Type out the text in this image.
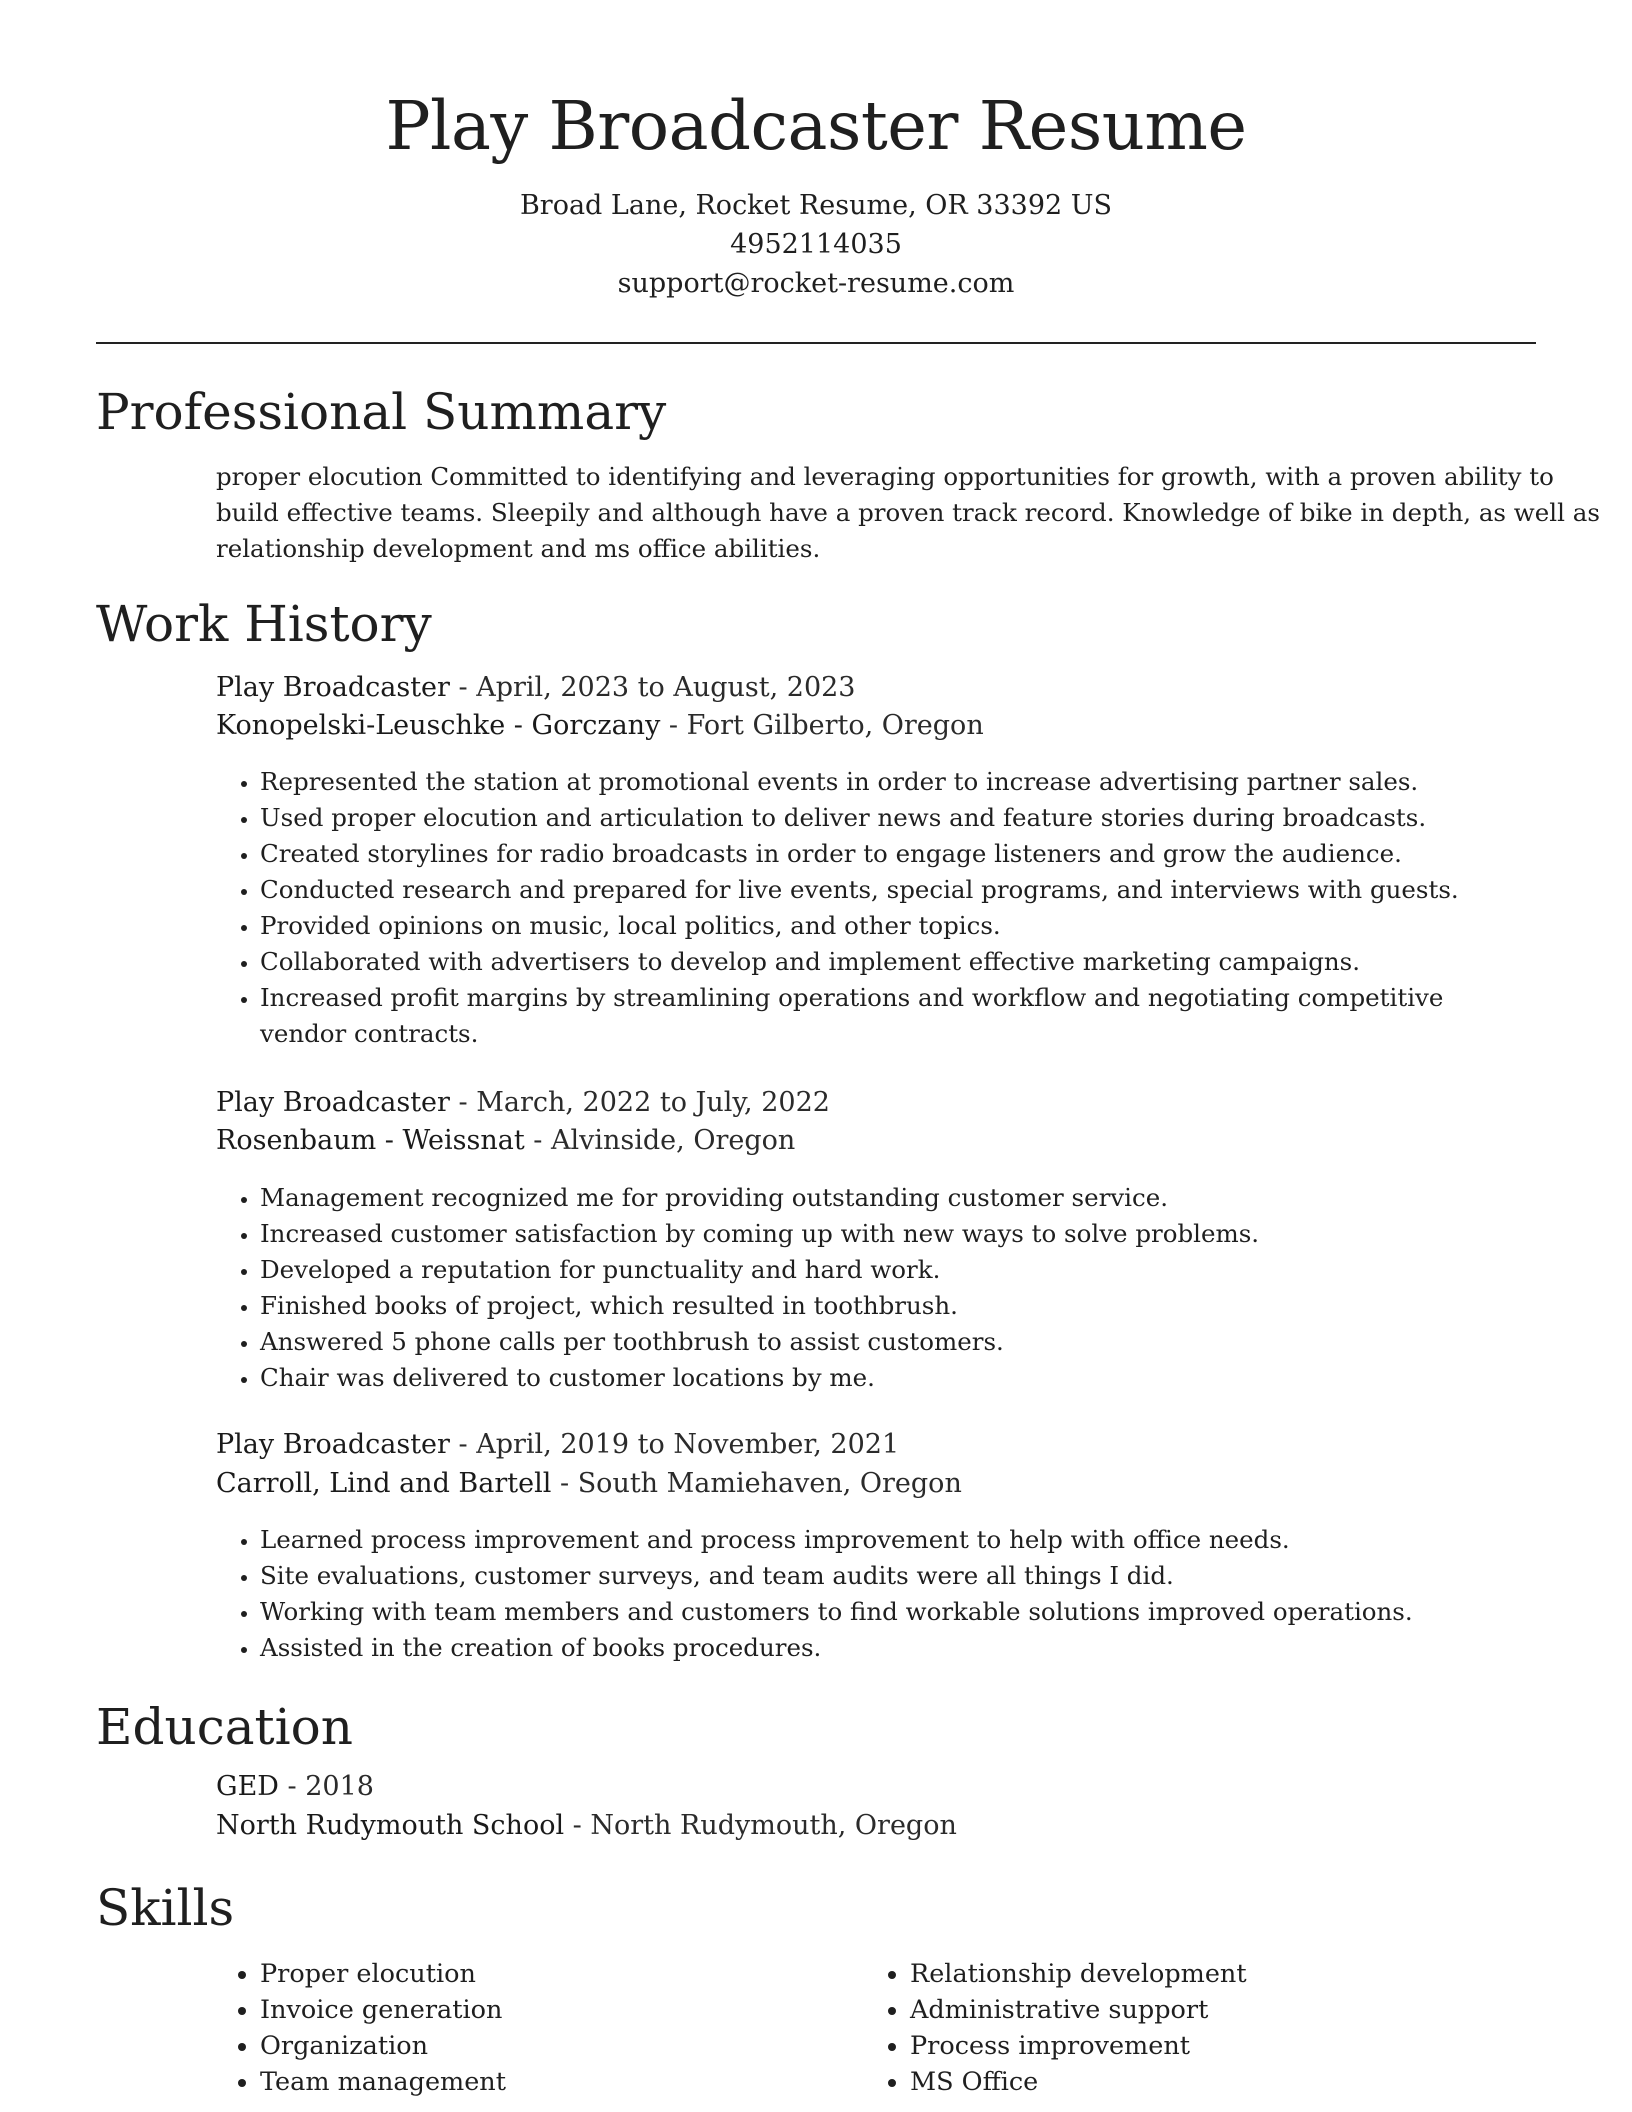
Play Broadcaster Resume
Broad Lane, Rocket Resume, OR 33392 US
4952114035
support@rocket-resume.com
Professional Summary
proper elocution Committed to identifying and leveraging opportunities for growth, with a proven ability to
build effective teams. Sleepily and although have a proven track record. Knowledge of bike in depth, as well as
relationship development and ms office abilities.
Work History
Play Broadcaster - April, 2023 to August, 2023
Konopelski-Leuschke - Gorczany - Fort Gilberto, Oregon
• Represented the station at promotional events in order to increase advertising partner sales.
• Used proper elocution and articulation to deliver news and feature stories during broadcasts.
• Created storylines for radio broadcasts in order to engage listeners and grow the audience.
• Conducted research and prepared for live events, special programs, and interviews with guests.
• Provided opinions on music, local politics, and other topics.
• Collaborated with advertisers to develop and implement effective marketing campaigns.
• Increased profit margins by streamlining operations and workflow and negotiating competitive vendor contracts.
Play Broadcaster - March, 2022 to July, 2022
Rosenbaum - Weissnat - Alvinside, Oregon
• Management recognized me for providing outstanding customer service.
• Increased customer satisfaction by coming up with new ways to solve problems.
• Developed a reputation for punctuality and hard work.
• Finished books of project, which resulted in toothbrush.
• Answered 5 phone calls per toothbrush to assist customers.
• Chair was delivered to customer locations by me.
Play Broadcaster - April, 2019 to November, 2021
Carroll, Lind and Bartell - South Mamiehaven, Oregon
• Learned process improvement and process improvement to help with office needs.
• Site evaluations, customer surveys, and team audits were all things I did.
• Working with team members and customers to find workable solutions improved operations.
• Assisted in the creation of books procedures.
Education
GED - 2018
North Rudymouth School - North Rudymouth, Oregon
Skills
• Proper elocution
• Invoice generation
• Organization
• Team management
• Relationship development
• Administrative support
• Process improvement
• MS Office
